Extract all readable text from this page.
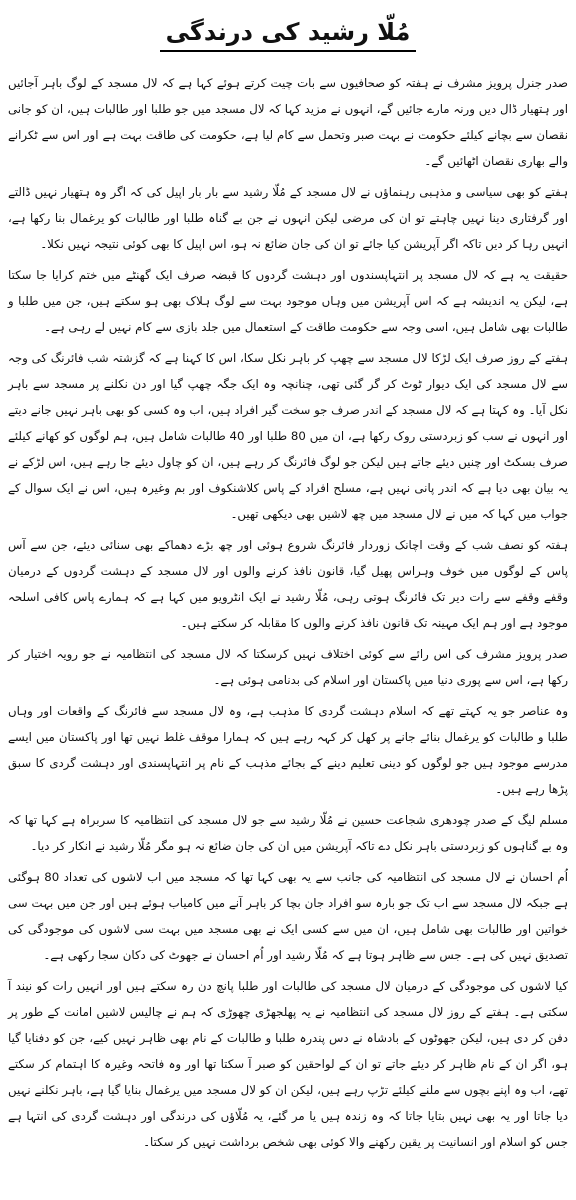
مُلّا رشید کی درندگی

صدر جنرل پرویز مشرف نے ہفتہ کو صحافیوں سے بات چیت کرتے ہوئے کہا ہے کہ لال مسجد کے لوگ باہر آجائیں اور ہتھیار ڈال دیں ورنہ مارے جائیں گے، انہوں نے مزید کہا کہ لال مسجد میں جو طلبا اور طالبات ہیں، ان کو جانی نقصان سے بچانے کیلئے حکومت نے بہت صبر وتحمل سے کام لیا ہے، حکومت کی طاقت بہت ہے اور اس سے ٹکرانے والے بھاری نقصان اٹھائیں گے۔

ہفتے کو بھی سیاسی و مذہبی رہنماؤں نے لال مسجد کے مُلّا رشید سے بار بار اپیل کی کہ اگر وہ ہتھیار نہیں ڈالتے اور گرفتاری دینا نہیں چاہتے تو ان کی مرضی لیکن انہوں نے جن بے گناہ طلبا اور طالبات کو یرغمال بنا رکھا ہے، انہیں رہا کر دیں تاکہ اگر آپریشن کیا جائے تو ان کی جان ضائع نہ ہو، اس اپیل کا بھی کوئی نتیجہ نہیں نکلا۔

حقیقت یہ ہے کہ لال مسجد پر انتہاپسندوں اور دہشت گردوں کا قبضہ صرف ایک گھنٹے میں ختم کرایا جا سکتا ہے، لیکن یہ اندیشہ ہے کہ اس آپریشن میں وہاں موجود بہت سے لوگ ہلاک بھی ہو سکتے ہیں، جن میں طلبا و طالبات بھی شامل ہیں، اسی وجہ سے حکومت طاقت کے استعمال میں جلد بازی سے کام نہیں لے رہی ہے۔

ہفتے کے روز صرف ایک لڑکا لال مسجد سے چھپ کر باہر نکل سکا، اس کا کہنا ہے کہ گزشتہ شب فائرنگ کی وجہ سے لال مسجد کی ایک دیوار ٹوٹ کر گر گئی تھی، چنانچہ وہ ایک جگہ چھپ گیا اور دن نکلنے پر مسجد سے باہر نکل آیا۔ وہ کہتا ہے کہ لال مسجد کے اندر صرف جو سخت گیر افراد ہیں، اب وہ کسی کو بھی باہر نہیں جانے دیتے اور انہوں نے سب کو زبردستی روک رکھا ہے، ان میں 80 طلبا اور 40 طالبات شامل ہیں، ہم لوگوں کو کھانے کیلئے صرف بسکٹ اور چنیں دیئے جاتے ہیں لیکن جو لوگ فائرنگ کر رہے ہیں، ان کو چاول دیئے جا رہے ہیں، اس لڑکے نے یہ بیان بھی دیا ہے کہ اندر پانی نہیں ہے، مسلح افراد کے پاس کلاشنکوف اور بم وغیرہ ہیں، اس نے ایک سوال کے جواب میں کہا کہ میں نے لال مسجد میں چھ لاشیں بھی دیکھی تھیں۔

ہفتہ کو نصف شب کے وقت اچانک زوردار فائرنگ شروع ہوئی اور چھ بڑے دھماکے بھی سنائی دیئے، جن سے آس پاس کے لوگوں میں خوف وہراس پھیل گیا، قانون نافذ کرنے والوں اور لال مسجد کے دہشت گردوں کے درمیان وقفے وقفے سے رات دیر تک فائرنگ ہوتی رہی، مُلّا رشید نے ایک انٹرویو میں کہا ہے کہ ہمارے پاس کافی اسلحہ موجود ہے اور ہم ایک مہینہ تک قانون نافذ کرنے والوں کا مقابلہ کر سکتے ہیں۔

صدر پرویز مشرف کی اس رائے سے کوئی اختلاف نہیں کرسکتا کہ لال مسجد کی انتظامیہ نے جو رویہ اختیار کر رکھا ہے، اس سے پوری دنیا میں پاکستان اور اسلام کی بدنامی ہوئی ہے۔

وہ عناصر جو یہ کہتے تھے کہ اسلام دہشت گردی کا مذہب ہے، وہ لال مسجد سے فائرنگ کے واقعات اور وہاں طلبا و طالبات کو یرغمال بنائے جانے پر کھل کر کہہ رہے ہیں کہ ہمارا موقف غلط نہیں تھا اور پاکستان میں ایسے مدرسے موجود ہیں جو لوگوں کو دینی تعلیم دینے کے بجائے مذہب کے نام پر انتہاپسندی اور دہشت گردی کا سبق پڑھا رہے ہیں۔

مسلم لیگ کے صدر چودھری شجاعت حسین نے مُلّا رشید سے جو لال مسجد کی انتظامیہ کا سربراہ ہے کہا تھا کہ وہ بے گناہوں کو زبردستی باہر نکل دے تاکہ آپریشن میں ان کی جان ضائع نہ ہو مگر مُلّا رشید نے انکار کر دیا۔

اُم احسان نے لال مسجد کی انتظامیہ کی جانب سے یہ بھی کہا تھا کہ مسجد میں اب لاشوں کی تعداد 80 ہوگئی ہے جبکہ لال مسجد سے اب تک جو بارہ سو افراد جان بچا کر باہر آنے میں کامیاب ہوئے ہیں اور جن میں بہت سی خواتین اور طالبات بھی شامل ہیں، ان میں سے کسی ایک نے بھی مسجد میں بہت سی لاشوں کی موجودگی کی تصدیق نہیں کی ہے۔ جس سے ظاہر ہوتا ہے کہ مُلّا رشید اور اُم احسان نے جھوٹ کی دکان سجا رکھی ہے۔

کیا لاشوں کی موجودگی کے درمیان لال مسجد کی طالبات اور طلبا پانچ دن رہ سکتے ہیں اور انہیں رات کو نیند آ سکتی ہے۔ ہفتے کے روز لال مسجد کی انتظامیہ نے یہ پھلجھڑی چھوڑی کہ ہم نے چالیس لاشیں امانت کے طور پر دفن کر دی ہیں، لیکن جھوٹوں کے بادشاہ نے دس پندرہ طلبا و طالبات کے نام بھی ظاہر نہیں کیے، جن کو دفنایا گیا ہو، اگر ان کے نام ظاہر کر دیئے جاتے تو ان کے لواحقین کو صبر آ سکتا تھا اور وہ فاتحہ وغیرہ کا اہتمام کر سکتے تھے، اب وہ اپنے بچوں سے ملنے کیلئے تڑپ رہے ہیں، لیکن ان کو لال مسجد میں یرغمال بنایا گیا ہے، باہر نکلنے نہیں دیا جاتا اور یہ بھی نہیں بتایا جاتا کہ وہ زندہ ہیں یا مر گئے، یہ مُلّاؤں کی درندگی اور دہشت گردی کی انتہا ہے جس کو اسلام اور انسانیت پر یقین رکھنے والا کوئی بھی شخص برداشت نہیں کر سکتا۔
